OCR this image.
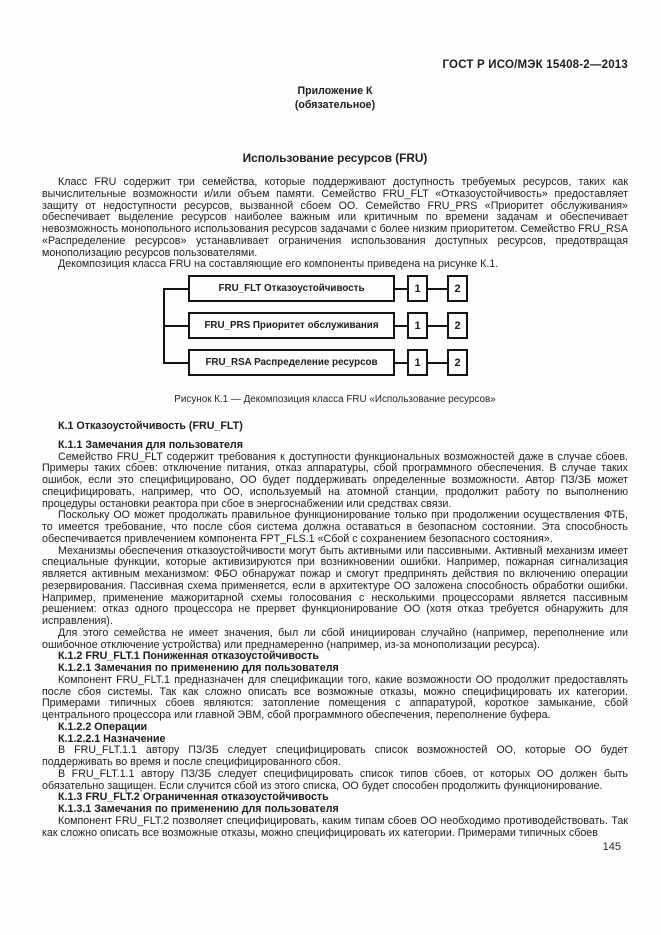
ГОСТ Р ИСО/МЭК 15408-2—2013
Приложение К
(обязательное)
Использование ресурсов (FRU)

Класс FRU содержит три семейства, которые поддерживают доступность требуемых ресурсов, таких как вычислительные возможности и/или объем памяти. Семейство FRU_FLT «Отказоустойчивость» предоставляет защиту от недоступности ресурсов, вызванной сбоем ОО. Семейство FRU_PRS «Приоритет обслуживания» обеспечивает выделение ресурсов наиболее важным или критичным по времени задачам и обеспечивает невозможность монопольного использования ресурсов задачами с более низким приоритетом. Семейство FRU_RSA «Распределение ресурсов» устанавливает ограничения использования доступных ресурсов, предотвращая монополизацию ресурсов пользователями.

Декомпозиция класса FRU на составляющие его компоненты приведена на рисунке К.1.

FRU_FLT Отказоустойчивость	1	2
FRU_PRS Приоритет обслуживания	1	2
FRU_RSA Распределение ресурсов	1	2
Рисунок К.1 — Декомпозиция класса FRU «Использование ресурсов»

К.1 Отказоустойчивость (FRU_FLT)

К.1.1 Замечания для пользователя

Семейство FRU_FLT содержит требования к доступности функциональных возможностей даже в случае сбоев. Примеры таких сбоев: отключение питания, отказ аппаратуры, сбой программного обеспечения. В случае таких ошибок, если это специфицировано, ОО будет поддерживать определенные возможности. Автор ПЗ/ЗБ может специфицировать, например, что ОО, используемый на атомной станции, продолжит работу по выполнению процедуры остановки реактора при сбое в энергоснабжении или средствах связи.

Поскольку ОО может продолжать правильное функционирование только при продолжении осуществления ФТБ, то имеется требование, что после сбоя система должна оставаться в безопасном состоянии. Эта способность обеспечивается привлечением компонента FPT_FLS.1 «Сбой с сохранением безопасного состояния».

Механизмы обеспечения отказоустойчивости могут быть активными или пассивными. Активный механизм имеет специальные функции, которые активизируются при возникновении ошибки. Например, пожарная сигнализация является активным механизмом: ФБО обнаружат пожар и смогут предпринять действия по включению операции резервирования. Пассивная схема применяется, если в архитектуре ОО заложена способность обработки ошибки. Например, применение мажоритарной схемы голосования с несколькими процессорами является пассивным решением: отказ одного процессора не прервет функционирование ОО (хотя отказ требуется обнаружить для исправления).

Для этого семейства не имеет значения, был ли сбой инициирован случайно (например, переполнение или ошибочное отключение устройства) или преднамеренно (например, из-за монополизации ресурса).

К.1.2 FRU_FLT.1 Пониженная отказоустойчивость

К.1.2.1 Замечания по применению для пользователя

Компонент FRU_FLT.1 предназначен для спецификации того, какие возможности ОО продолжит предоставлять после сбоя системы. Так как сложно описать все возможные отказы, можно специфицировать их категории. Примерами типичных сбоев являются: затопление помещения с аппаратурой, короткое замыкание, сбой центрального процессора или главной ЭВМ, сбой программного обеспечения, переполнение буфера.

К.1.2.2 Операции

К.1.2.2.1 Назначение

В FRU_FLT.1.1 автору ПЗ/ЗБ следует специфицировать список возможностей ОО, которые ОО будет поддерживать во время и после специфицированного сбоя.

В FRU_FLT.1.1 автору ПЗ/ЗБ следует специфицировать список типов сбоев, от которых ОО должен быть обязательно защищен. Если случится сбой из этого списка, ОО будет способен продолжить функционирование.

К.1.3 FRU_FLT.2 Ограниченная отказоустойчивость

К.1.3.1 Замечания по применению для пользователя

Компонент FRU_FLT.2 позволяет специфицировать, каким типам сбоев ОО необходимо противодействовать. Так как сложно описать все возможные отказы, можно специфицировать их категории. Примерами типичных сбоев

145
